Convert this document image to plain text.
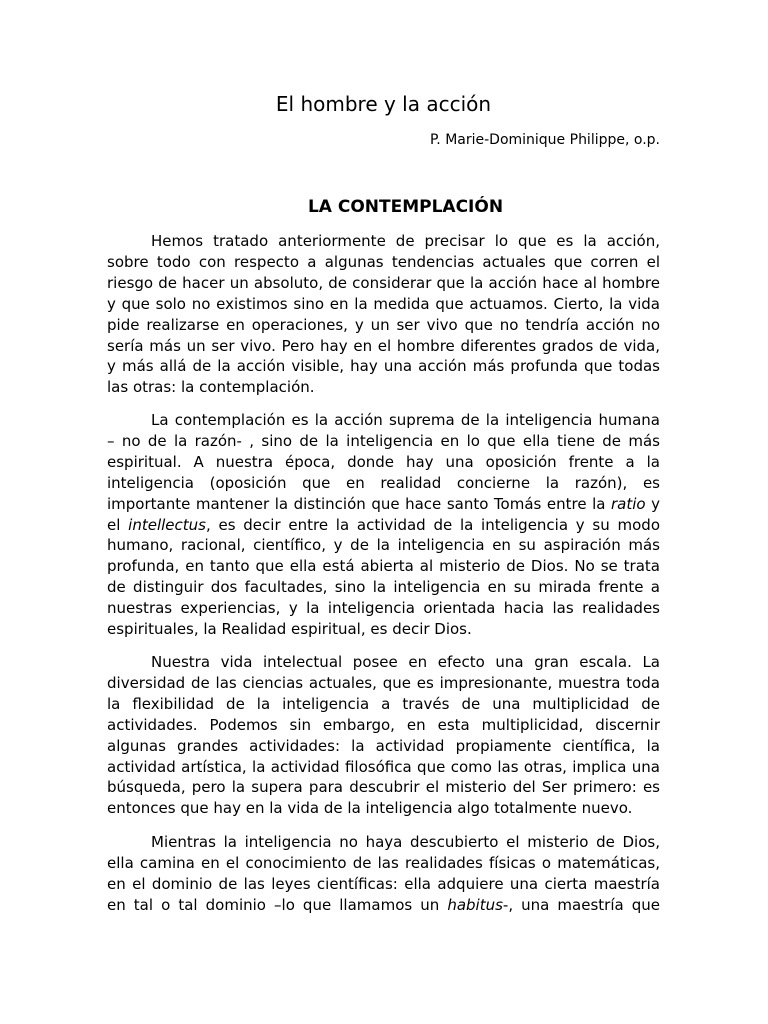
El hombre y la acción
P. Marie-Dominique Philippe, o.p.
LA CONTEMPLACIÓN
Hemos tratado anteriormente de precisar lo que es la acción,
sobre todo con respecto a algunas tendencias actuales que corren el
riesgo de hacer un absoluto, de considerar que la acción hace al hombre
y que solo no existimos sino en la medida que actuamos. Cierto, la vida
pide realizarse en operaciones, y un ser vivo que no tendría acción no
sería más un ser vivo. Pero hay en el hombre diferentes grados de vida,
y más allá de la acción visible, hay una acción más profunda que todas
las otras: la contemplación.
La contemplación es la acción suprema de la inteligencia humana
– no de la razón- , sino de la inteligencia en lo que ella tiene de más
espiritual. A nuestra época, donde hay una oposición frente a la
inteligencia (oposición que en realidad concierne la razón), es
importante mantener la distinción que hace santo Tomás entre la ratio y
el intellectus, es decir entre la actividad de la inteligencia y su modo
humano, racional, científico, y de la inteligencia en su aspiración más
profunda, en tanto que ella está abierta al misterio de Dios. No se trata
de distinguir dos facultades, sino la inteligencia en su mirada frente a
nuestras experiencias, y la inteligencia orientada hacia las realidades
espirituales, la Realidad espiritual, es decir Dios.
Nuestra vida intelectual posee en efecto una gran escala. La
diversidad de las ciencias actuales, que es impresionante, muestra toda
la flexibilidad de la inteligencia a través de una multiplicidad de
actividades. Podemos sin embargo, en esta multiplicidad, discernir
algunas grandes actividades: la actividad propiamente científica, la
actividad artística, la actividad filosófica que como las otras, implica una
búsqueda, pero la supera para descubrir el misterio del Ser primero: es
entonces que hay en la vida de la inteligencia algo totalmente nuevo.
Mientras la inteligencia no haya descubierto el misterio de Dios,
ella camina en el conocimiento de las realidades físicas o matemáticas,
en el dominio de las leyes científicas: ella adquiere una cierta maestría
en tal o tal dominio –lo que llamamos un habitus-, una maestría que
